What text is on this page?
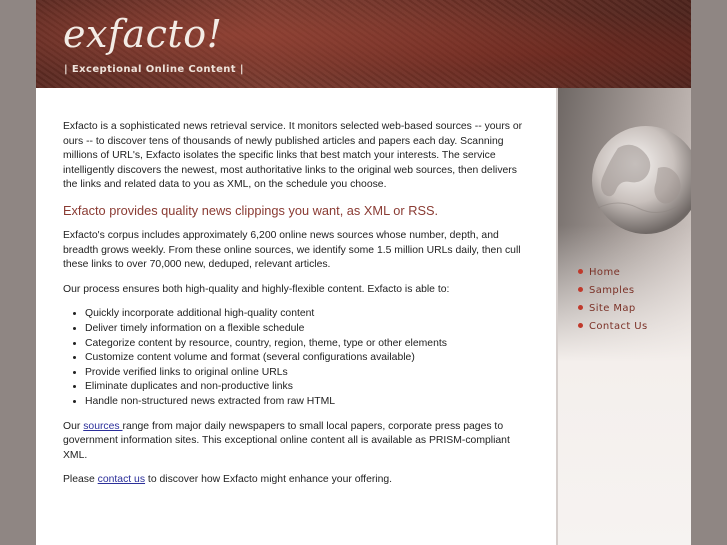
exfacto!
| Exceptional Online Content |

Exfacto is a sophisticated news retrieval service. It monitors selected web-based sources -- yours or ours -- to discover tens of thousands of newly published articles and papers each day. Scanning millions of URL's, Exfacto isolates the specific links that best match your interests. The service intelligently discovers the newest, most authoritative links to the original web sources, then delivers the links and related data to you as XML, on the schedule you choose.

Exfacto provides quality news clippings you want, as XML or RSS.

Exfacto's corpus includes approximately 6,200 online news sources whose number, depth, and breadth grows weekly. From these online sources, we identify some 1.5 million URLs daily, then cull these links to over 70,000 new, deduped, relevant articles.

Our process ensures both high-quality and highly-flexible content. Exfacto is able to:

• Quickly incorporate additional high-quality content
• Deliver timely information on a flexible schedule
• Categorize content by resource, country, region, theme, type or other elements
• Customize content volume and format (several configurations available)
• Provide verified links to original online URLs
• Eliminate duplicates and non-productive links
• Handle non-structured news extracted from raw HTML

Our sources range from major daily newspapers to small local papers, corporate press pages to government information sites. This exceptional online content all is available as PRISM-compliant XML.

Please contact us to discover how Exfacto might enhance your offering.

Home
Samples
Site Map
Contact Us
